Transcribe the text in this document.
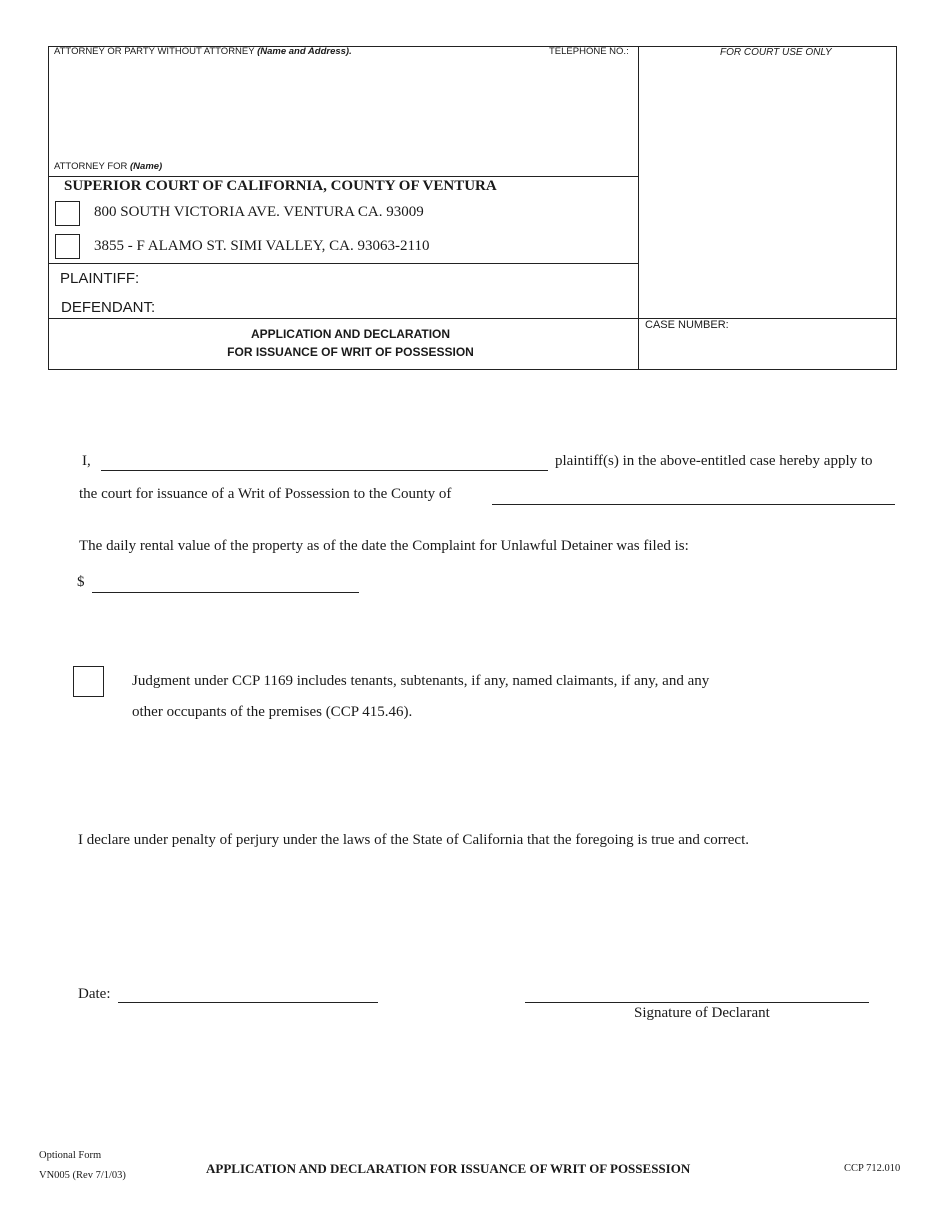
ATTORNEY OR PARTY WITHOUT ATTORNEY (Name and Address).	TELEPHONE NO.:	FOR COURT USE ONLY
ATTORNEY FOR (Name)
SUPERIOR COURT OF CALIFORNIA, COUNTY OF VENTURA
800 SOUTH VICTORIA AVE. VENTURA CA. 93009
3855 - F ALAMO ST. SIMI VALLEY, CA. 93063-2110
PLAINTIFF:
DEFENDANT:
APPLICATION AND DECLARATION
FOR ISSUANCE OF WRIT OF POSSESSION
CASE NUMBER:
I,	plaintiff(s) in the above-entitled case hereby apply to
the court for issuance of a Writ of Possession to the County of
The daily rental value of the property as of the date the Complaint for Unlawful Detainer was filed is:
$
Judgment under CCP 1169 includes tenants, subtenants, if any, named claimants, if any, and any
other occupants of the premises (CCP 415.46).
I declare under penalty of perjury under the laws of the State of California that the foregoing is true and correct.
Date:
Signature of Declarant
Optional Form
VN005 (Rev 7/1/03)	APPLICATION AND DECLARATION FOR ISSUANCE OF WRIT OF POSSESSION	CCP 712.010
